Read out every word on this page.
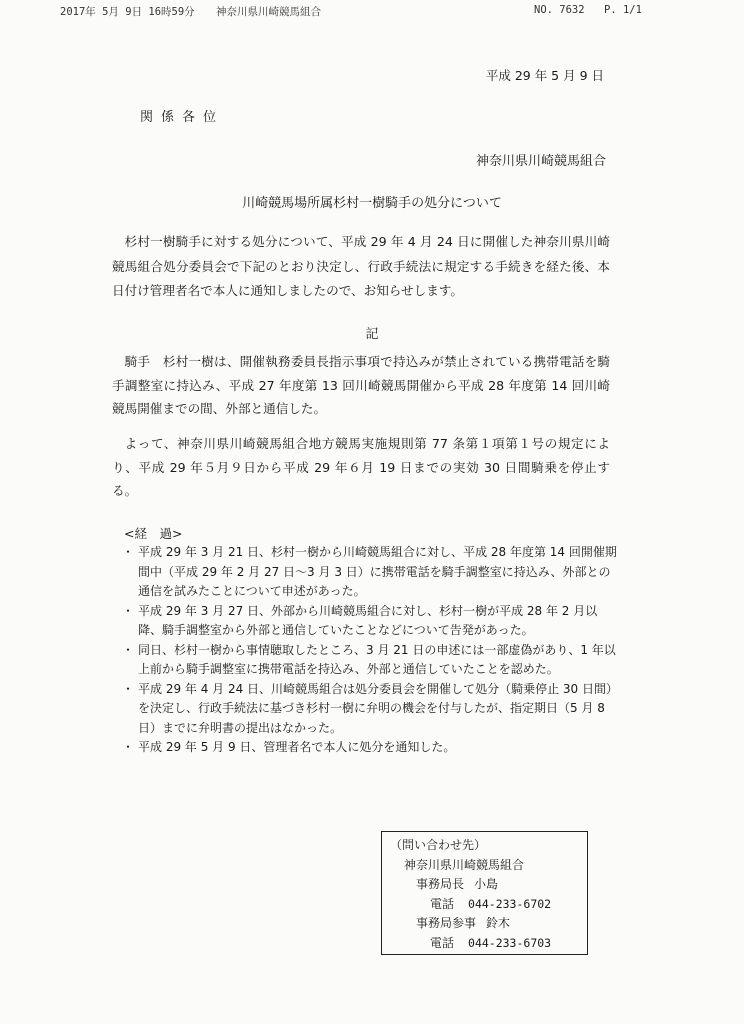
2017年 5月 9日 16時59分 神奈川県川崎競馬組合	NO. 7632 P. 1/1
平成 29 年 5 月 9 日
関係各位
神奈川県川崎競馬組合
川崎競馬場所属杉村一樹騎手の処分について

杉村一樹騎手に対する処分について、平成 29 年 4 月 24 日に開催した神奈川県川崎競馬組合処分委員会で下記のとおり決定し、行政手続法に規定する手続きを経た後、本日付け管理者名で本人に通知しましたので、お知らせします。

記

騎手　杉村一樹は、開催執務委員長指示事項で持込みが禁止されている携帯電話を騎手調整室に持込み、平成 27 年度第 13 回川崎競馬開催から平成 28 年度第 14 回川崎競馬開催までの間、外部と通信した。

よって、神奈川県川崎競馬組合地方競馬実施規則第 77 条第１項第１号の規定により、平成 29 年５月９日から平成 29 年６月 19 日までの実効 30 日間騎乗を停止する。

<経　過>
・ 平成 29 年 3 月 21 日、杉村一樹から川崎競馬組合に対し、平成 28 年度第 14 回開催期間中（平成 29 年 2 月 27 日～3 月 3 日）に携帯電話を騎手調整室に持込み、外部との通信を試みたことについて申述があった。
・ 平成 29 年 3 月 27 日、外部から川崎競馬組合に対し、杉村一樹が平成 28 年 2 月以降、騎手調整室から外部と通信していたことなどについて告発があった。
・ 同日、杉村一樹から事情聴取したところ、3 月 21 日の申述には一部虚偽があり、1 年以上前から騎手調整室に携帯電話を持込み、外部と通信していたことを認めた。
・ 平成 29 年 4 月 24 日、川崎競馬組合は処分委員会を開催して処分（騎乗停止 30 日間）を決定し、行政手続法に基づき杉村一樹に弁明の機会を付与したが、指定期日（5 月 8 日）までに弁明書の提出はなかった。
・ 平成 29 年 5 月 9 日、管理者名で本人に処分を通知した。
（問い合わせ先）
神奈川県川崎競馬組合
事務局長 小島
電話 044-233-6702
事務局参事 鈴木
電話 044-233-6703
